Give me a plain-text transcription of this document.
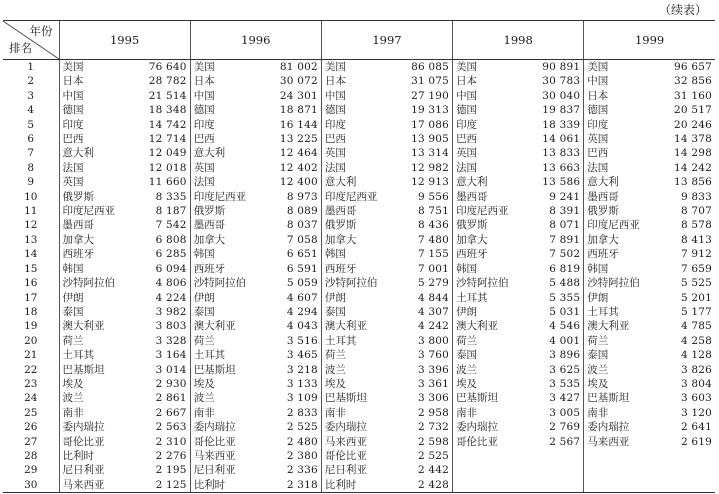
（续表）
年份
排名	1995	1996	1997	1998	1999
1	美国 76 640	美国 81 002	美国 86 085	美国 90 891	美国 96 657

2	日本 28 782	日本 30 072	日本 31 075	日本 30 783	中国 32 856

3	中国 21 514	中国 24 301	中国 27 190	中国 30 040	日本 31 160

4	德国 18 348	德国 18 871	德国 19 313	德国 19 837	德国 20 517

5	印度 14 742	印度 16 144	印度 17 086	印度 18 339	印度 20 246

6	巴西 12 714	巴西 13 225	巴西 13 905	巴西 14 061	英国 14 378

7	意大利 12 049	意大利 12 464	英国 13 314	英国 13 833	巴西 14 298

8	法国 12 018	英国 12 402	法国 12 982	法国 13 663	法国 14 242

9	英国 11 660	法国 12 400	意大利 12 913	意大利 13 586	意大利 13 856

10	俄罗斯 8 335	印度尼西亚 8 973	印度尼西亚 9 556	墨西哥 9 241	墨西哥 9 833

11	印度尼西亚 8 187	俄罗斯 8 089	墨西哥 8 751	印度尼西亚 8 391	俄罗斯 8 707

12	墨西哥 7 542	墨西哥 8 037	俄罗斯 8 436	俄罗斯 8 071	印度尼西亚 8 578

13	加拿大 6 808	加拿大 7 058	加拿大 7 480	加拿大 7 891	加拿大 8 413

14	西班牙 6 285	韩国 6 651	韩国 7 155	西班牙 7 502	西班牙 7 912

15	韩国 6 094	西班牙 6 591	西班牙 7 001	韩国 6 819	韩国 7 659

16	沙特阿拉伯 4 806	沙特阿拉伯 5 059	沙特阿拉伯 5 279	沙特阿拉伯 5 488	沙特阿拉伯 5 525

17	伊朗 4 224	伊朗 4 607	伊朗 4 844	土耳其 5 355	伊朗 5 201

18	泰国 3 982	泰国 4 294	泰国 4 307	伊朗 5 031	土耳其 5 177

19	澳大利亚 3 803	澳大利亚 4 043	澳大利亚 4 242	澳大利亚 4 546	澳大利亚 4 785

20	荷兰 3 328	荷兰 3 516	土耳其 3 800	荷兰 4 001	荷兰 4 258

21	土耳其 3 164	土耳其 3 465	荷兰 3 760	泰国 3 896	泰国 4 128

22	巴基斯坦 3 014	巴基斯坦 3 218	波兰 3 396	波兰 3 625	波兰 3 826

23	埃及 2 930	埃及 3 133	埃及 3 361	埃及 3 535	埃及 3 804

24	波兰 2 861	波兰 3 109	巴基斯坦 3 306	巴基斯坦 3 427	巴基斯坦 3 603

25	南非 2 667	南非 2 833	南非 2 958	南非 3 005	南非 3 120

26	委内瑞拉 2 563	委内瑞拉 2 525	委内瑞拉 2 732	委内瑞拉 2 769	委内瑞拉 2 641

27	哥伦比亚 2 310	哥伦比亚 2 480	马来西亚 2 598	哥伦比亚 2 567	马来西亚 2 619

28	比利时 2 276	马来西亚 2 380	哥伦比亚 2 525		

29	尼日利亚 2 195	尼日利亚 2 336	尼日利亚 2 442		

30	马来西亚 2 125	比利时 2 318	比利时 2 428		
